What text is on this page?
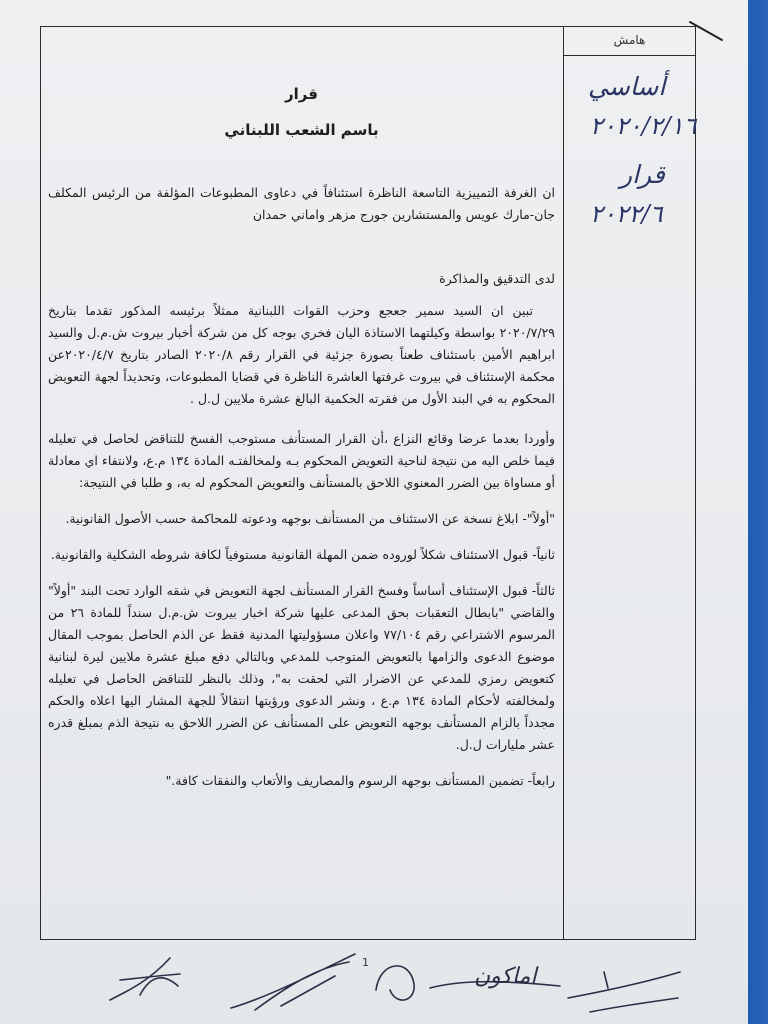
هامش
أساسي
٢٠٢٠/٢/١٦
قرار
٢٠٢٢/٦
قرار
باسم الشعب اللبناني

ان الغرفة التمييزية التاسعة الناظرة استئنافاً في دعاوى المطبوعات المؤلفة من الرئيس المكلف جان-مارك عويس والمستشارين جورج مزهر واماني حمدان

لدى التدقيق والمذاكرة

تبين ان السيد سمير جعجع وحزب القوات اللبنانية ممثلاً برئيسه المذكور تقدما بتاريخ ٢٠٢٠/٧/٢٩ بواسطة وكيلتهما الاستاذة اليان فخري بوجه كل من شركة أخبار بيروت ش.م.ل والسيد ابراهيم الأمين باستئناف طعناً بصورة جزئية في القرار رقم ٢٠٢٠/٨ الصادر بتاريخ ٢٠٢٠/٤/٧عن محكمة الإستئناف في بيروت غرفتها العاشرة الناظرة في قضايا المطبوعات، وتحديداً لجهة التعويض المحكوم به في البند الأول من فقرته الحكمية البالغ عشرة ملايين ل.ل .

وأوردا بعدما عرضا وقائع النزاع ،أن القرار المستأنف مستوجب الفسخ للتناقض لحاصل في تعليله فيما خلص اليه من نتيجة لناحية التعويض المحكوم بـه ولمخالفتـه المادة ١٣٤ م.ع، ولانتفاء اي معادلة أو مساواة بين الضرر المعنوي اللاحق بالمستأنف والتعويض المحكوم له به، و طلبا في النتيجة:

"أولاً"- ابلاغ نسخة عن الاستئناف من المستأنف بوجهه ودعوته للمحاكمة حسب الأصول القانونية.

ثانياً- قبول الاستئناف شكلاً لوروده ضمن المهلة القانونية مستوفياً لكافة شروطه الشكلية والقانونية.

ثالثاً- قبول الإستئناف أساساً وفسخ القرار المستأنف لجهة التعويض في شقه الوارد تحت البند "أولاً" والقاضي "بابطال التعقبات بحق المدعى عليها شركة اخبار بيروت ش.م.ل سنداً للمادة ٢٦ من المرسوم الاشتراعي رقم ٧٧/١٠٤ واعلان مسؤوليتها المدنية فقط عن الذم الحاصل بموجب المقال موضوع الدعوى والزامها بالتعويض المتوجب للمدعي وبالتالي دفع مبلغ عشرة ملايين ليرة لبنانية كتعويض رمزي للمدعي عن الاضرار التي لحقت به"، وذلك بالنظر للتناقض الحاصل في تعليله ولمخالفته لأحكام المادة ١٣٤ م.ع ، ونشر الدعوى ورؤيتها انتقالاً للجهة المشار اليها اعلاه والحكم مجدداً بالزام المستأنف بوجهه التعويض على المستأنف عن الضرر اللاحق به نتيجة الذم بمبلغ قدره عشر مليارات ل.ل.

رابعاً- تضمين المستأنف بوجهه الرسوم والمصاريف والأتعاب والنفقات كافة."

1
اماكون
